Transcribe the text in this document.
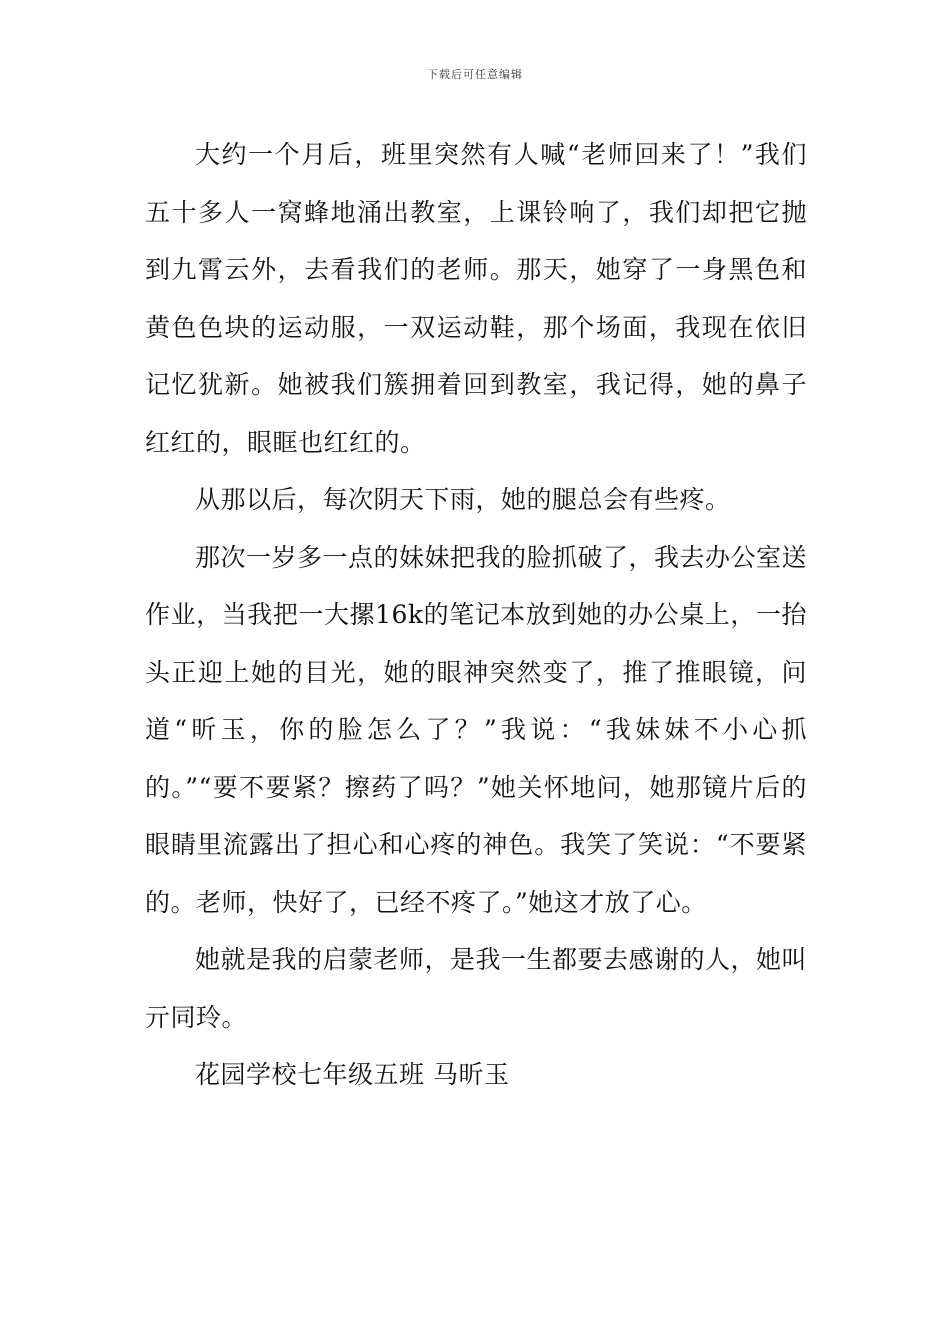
下载后可任意编辑

大约一个月后，班里突然有人喊“老师回来了！”我们五十多人一窝蜂地涌出教室，上课铃响了，我们却把它抛到九霄云外，去看我们的老师。那天，她穿了一身黑色和黄色色块的运动服，一双运动鞋，那个场面，我现在依旧记忆犹新。她被我们簇拥着回到教室，我记得，她的鼻子红红的，眼眶也红红的。

从那以后，每次阴天下雨，她的腿总会有些疼。

那次一岁多一点的妹妹把我的脸抓破了，我去办公室送作业，当我把一大摞16k的笔记本放到她的办公桌上，一抬头正迎上她的目光，她的眼神突然变了，推了推眼镜，问道“昕玉，你的脸怎么了？”我说：“我妹妹不小心抓的。”“要不要紧？擦药了吗？”她关怀地问，她那镜片后的眼睛里流露出了担心和心疼的神色。我笑了笑说：“不要紧的。老师，快好了，已经不疼了。”她这才放了心。

她就是我的启蒙老师，是我一生都要去感谢的人，她叫亓同玲。

花园学校七年级五班 马昕玉
